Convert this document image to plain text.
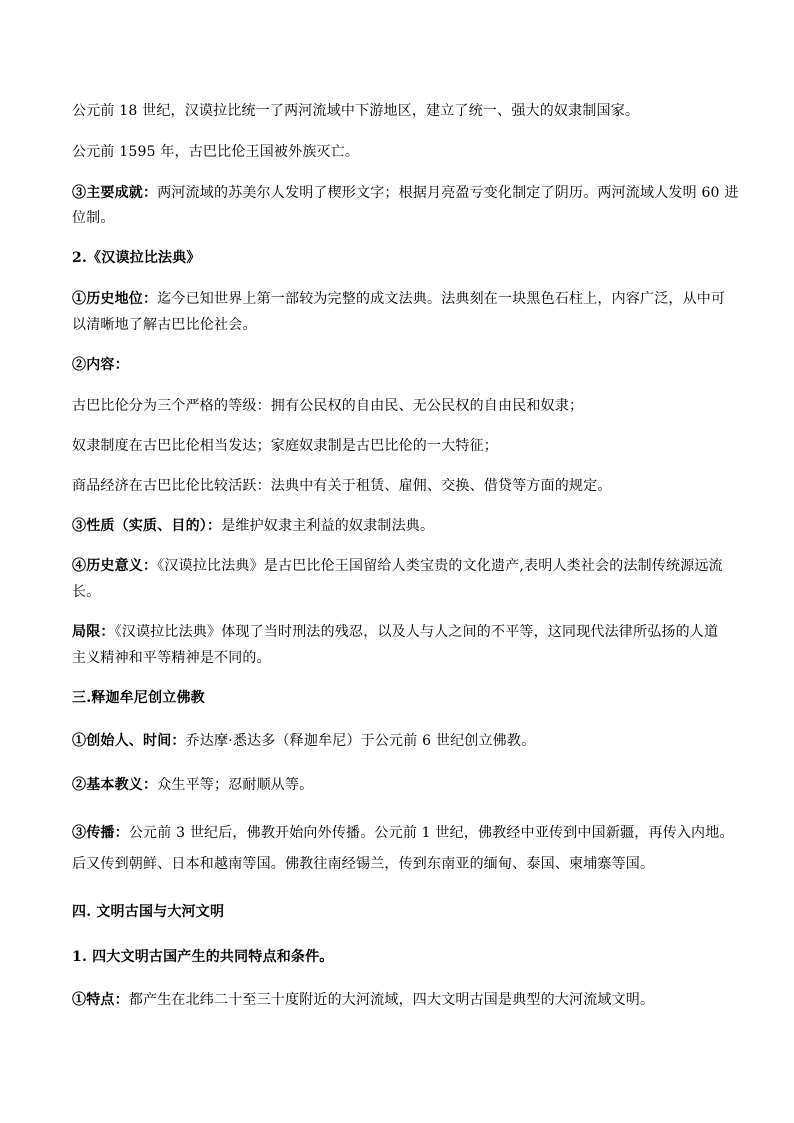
公元前 18 世纪，汉谟拉比统一了两河流域中下游地区，建立了统一、强大的奴隶制国家。
公元前 1595 年，古巴比伦王国被外族灭亡。
③主要成就：两河流域的苏美尔人发明了楔形文字；根据月亮盈亏变化制定了阴历。两河流域人发明 60 进
位制。
2.《汉谟拉比法典》
①历史地位：迄今已知世界上第一部较为完整的成文法典。法典刻在一块黑色石柱上，内容广泛，从中可
以清晰地了解古巴比伦社会。
②内容：
古巴比伦分为三个严格的等级：拥有公民权的自由民、无公民权的自由民和奴隶；
奴隶制度在古巴比伦相当发达；家庭奴隶制是古巴比伦的一大特征；
商品经济在古巴比伦比较活跃：法典中有关于租赁、雇佣、交换、借贷等方面的规定。
③性质（实质、目的）：是维护奴隶主利益的奴隶制法典。
④历史意义：《汉谟拉比法典》是古巴比伦王国留给人类宝贵的文化遗产,表明人类社会的法制传统源远流
长。
局限：《汉谟拉比法典》体现了当时刑法的残忍，以及人与人之间的不平等，这同现代法律所弘扬的人道
主义精神和平等精神是不同的。
三.释迦牟尼创立佛教
①创始人、时间：乔达摩·悉达多（释迦牟尼）于公元前 6 世纪创立佛教。
②基本教义：众生平等；忍耐顺从等。
③传播：公元前 3 世纪后，佛教开始向外传播。公元前 1 世纪，佛教经中亚传到中国新疆，再传入内地。
后又传到朝鲜、日本和越南等国。佛教往南经锡兰，传到东南亚的缅甸、泰国、柬埔寨等国。
四. 文明古国与大河文明
1. 四大文明古国产生的共同特点和条件。
①特点：都产生在北纬二十至三十度附近的大河流域，四大文明古国是典型的大河流域文明。
